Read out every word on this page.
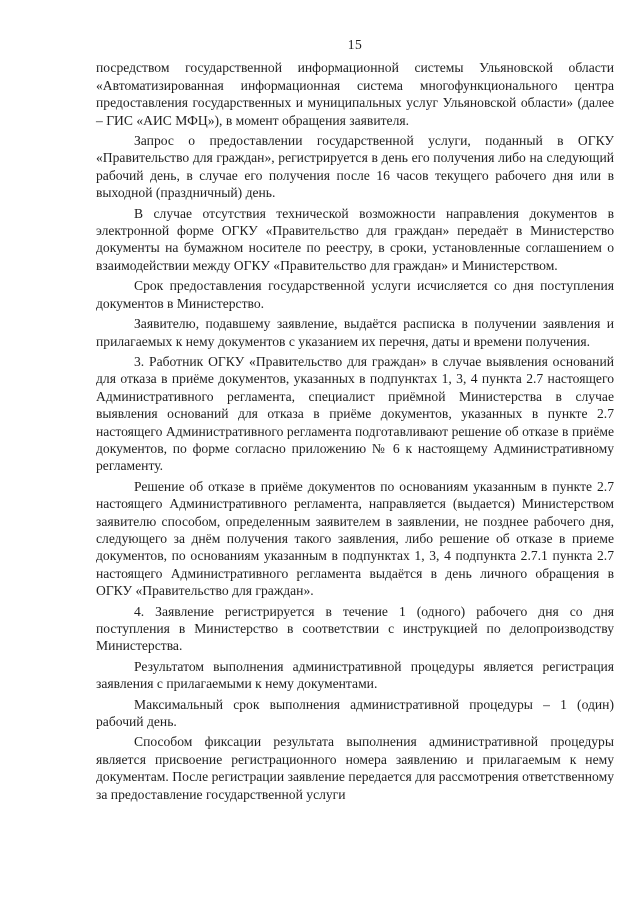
15

посредством государственной информационной системы Ульяновской области «Автоматизированная информационная система многофункционального центра предоставления государственных и муниципальных услуг Ульяновской области» (далее – ГИС «АИС МФЦ»), в момент обращения заявителя.

Запрос о предоставлении государственной услуги, поданный в ОГКУ «Правительство для граждан», регистрируется в день его получения либо на следующий рабочий день, в случае его получения после 16 часов текущего рабочего дня или в выходной (праздничный) день.

В случае отсутствия технической возможности направления документов в электронной форме ОГКУ «Правительство для граждан» передаёт в Министерство документы на бумажном носителе по реестру, в сроки, установленные соглашением о взаимодействии между ОГКУ «Правительство для граждан» и Министерством.

Срок предоставления государственной услуги исчисляется со дня поступления документов в Министерство.

Заявителю, подавшему заявление, выдаётся расписка в получении заявления и прилагаемых к нему документов с указанием их перечня, даты и времени получения.

3. Работник ОГКУ «Правительство для граждан» в случае выявления оснований для отказа в приёме документов, указанных в подпунктах 1, 3, 4 пункта 2.7 настоящего Административного регламента, специалист приёмной Министерства в случае выявления оснований для отказа в приёме документов, указанных в пункте 2.7 настоящего Административного регламента подготавливают решение об отказе в приёме документов, по форме согласно приложению № 6 к настоящему Административному регламенту.

Решение об отказе в приёме документов по основаниям указанным в пункте 2.7 настоящего Административного регламента, направляется (выдается) Министерством заявителю способом, определенным заявителем в заявлении, не позднее рабочего дня, следующего за днём получения такого заявления, либо решение об отказе в приеме документов, по основаниям указанным в подпунктах 1, 3, 4 подпункта 2.7.1 пункта 2.7 настоящего Административного регламента выдаётся в день личного обращения в ОГКУ «Правительство для граждан».

4. Заявление регистрируется в течение 1 (одного) рабочего дня со дня поступления в Министерство в соответствии с инструкцией по делопроизводству Министерства.

Результатом выполнения административной процедуры является регистрация заявления с прилагаемыми к нему документами.

Максимальный срок выполнения административной процедуры – 1 (один) рабочий день.

Способом фиксации результата выполнения административной процедуры является присвоение регистрационного номера заявлению и прилагаемым к нему документам. После регистрации заявление передается для рассмотрения ответственному за предоставление государственной услуги
